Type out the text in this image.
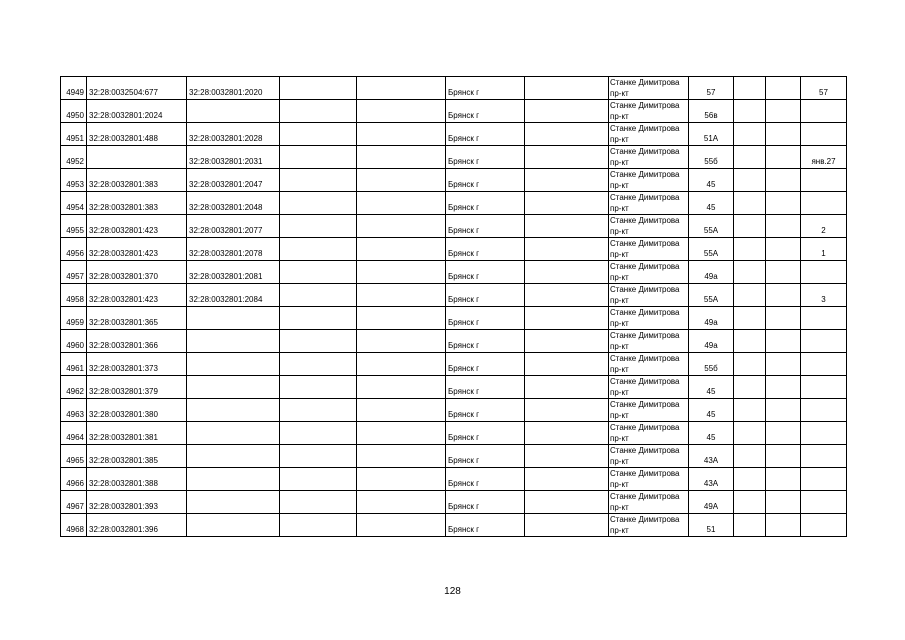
4949	32:28:0032504:677	32:28:0032801:2020			Брянск г		Станке Димитрова
пр-кт	57			57
4950	32:28:0032801:2024				Брянск г		Станке Димитрова
пр-кт	56в			
4951	32:28:0032801:488	32:28:0032801:2028			Брянск г		Станке Димитрова
пр-кт	51А			
4952		32:28:0032801:2031			Брянск г		Станке Димитрова
пр-кт	55б			янв.27
4953	32:28:0032801:383	32:28:0032801:2047			Брянск г		Станке Димитрова
пр-кт	45			
4954	32:28:0032801:383	32:28:0032801:2048			Брянск г		Станке Димитрова
пр-кт	45			
4955	32:28:0032801:423	32:28:0032801:2077			Брянск г		Станке Димитрова
пр-кт	55А			2
4956	32:28:0032801:423	32:28:0032801:2078			Брянск г		Станке Димитрова
пр-кт	55А			1
4957	32:28:0032801:370	32:28:0032801:2081			Брянск г		Станке Димитрова
пр-кт	49а			
4958	32:28:0032801:423	32:28:0032801:2084			Брянск г		Станке Димитрова
пр-кт	55А			3
4959	32:28:0032801:365				Брянск г		Станке Димитрова
пр-кт	49а			
4960	32:28:0032801:366				Брянск г		Станке Димитрова
пр-кт	49а			
4961	32:28:0032801:373				Брянск г		Станке Димитрова
пр-кт	55б			
4962	32:28:0032801:379				Брянск г		Станке Димитрова
пр-кт	45			
4963	32:28:0032801:380				Брянск г		Станке Димитрова
пр-кт	45			
4964	32:28:0032801:381				Брянск г		Станке Димитрова
пр-кт	45			
4965	32:28:0032801:385				Брянск г		Станке Димитрова
пр-кт	43А			
4966	32:28:0032801:388				Брянск г		Станке Димитрова
пр-кт	43А			
4967	32:28:0032801:393				Брянск г		Станке Димитрова
пр-кт	49А			
4968	32:28:0032801:396				Брянск г		Станке Димитрова
пр-кт	51			
128
